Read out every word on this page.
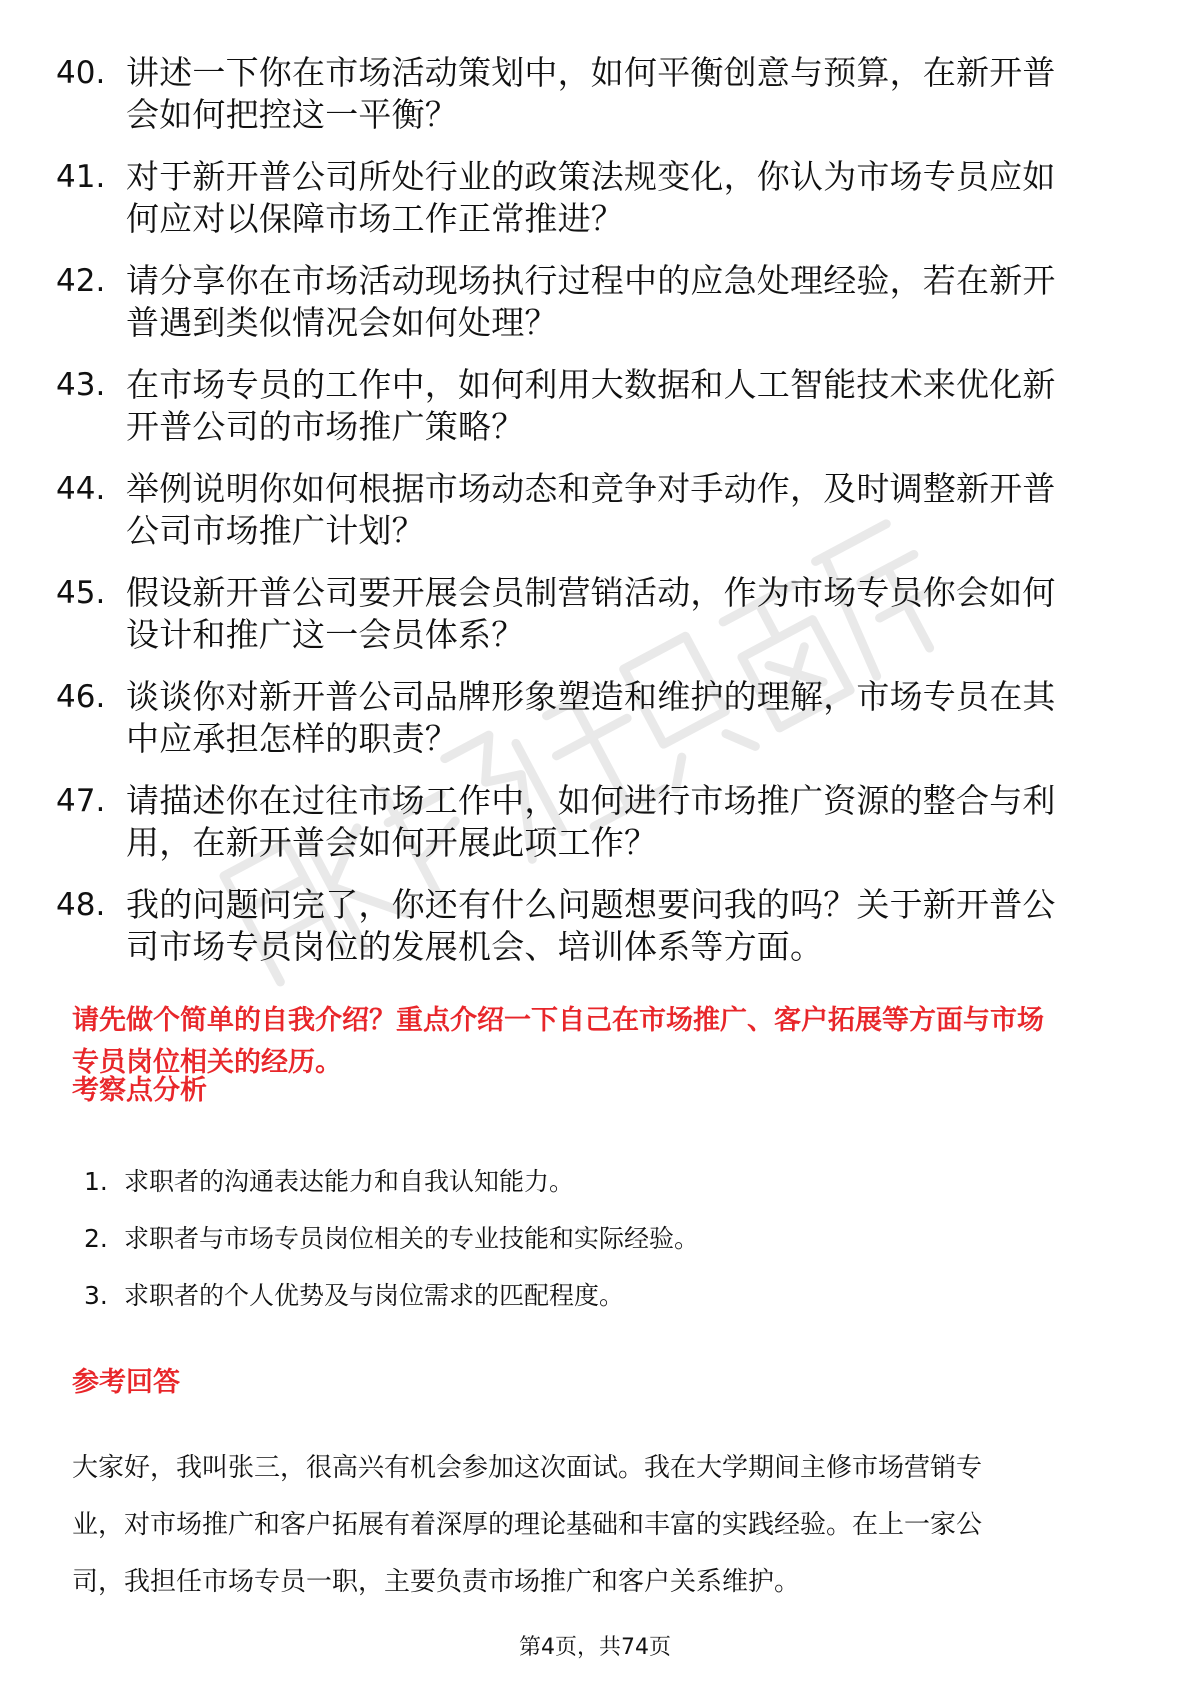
40. 讲述一下你在市场活动策划中，如何平衡创意与预算，在新开普
会如何把控这一平衡？
41. 对于新开普公司所处行业的政策法规变化，你认为市场专员应如
何应对以保障市场工作正常推进？
42. 请分享你在市场活动现场执行过程中的应急处理经验，若在新开
普遇到类似情况会如何处理？
43. 在市场专员的工作中，如何利用大数据和人工智能技术来优化新
开普公司的市场推广策略？
44. 举例说明你如何根据市场动态和竞争对手动作，及时调整新开普
公司市场推广计划？
45. 假设新开普公司要开展会员制营销活动，作为市场专员你会如何
设计和推广这一会员体系？
46. 谈谈你对新开普公司品牌形象塑造和维护的理解，市场专员在其
中应承担怎样的职责？
47. 请描述你在过往市场工作中，如何进行市场推广资源的整合与利
用，在新开普会如何开展此项工作？
48. 我的问题问完了，你还有什么问题想要问我的吗？关于新开普公
司市场专员岗位的发展机会、培训体系等方面。
请先做个简单的自我介绍？重点介绍一下自己在市场推广、客户拓展等方面与市场
专员岗位相关的经历。
考察点分析
1. 求职者的沟通表达能力和自我认知能力。
2. 求职者与市场专员岗位相关的专业技能和实际经验。
3. 求职者的个人优势及与岗位需求的匹配程度。
参考回答
大家好，我叫张三，很高兴有机会参加这次面试。我在大学期间主修市场营销专
业，对市场推广和客户拓展有着深厚的理论基础和丰富的实践经验。在上一家公
司，我担任市场专员一职，主要负责市场推广和客户关系维护。
第4页，共74页
